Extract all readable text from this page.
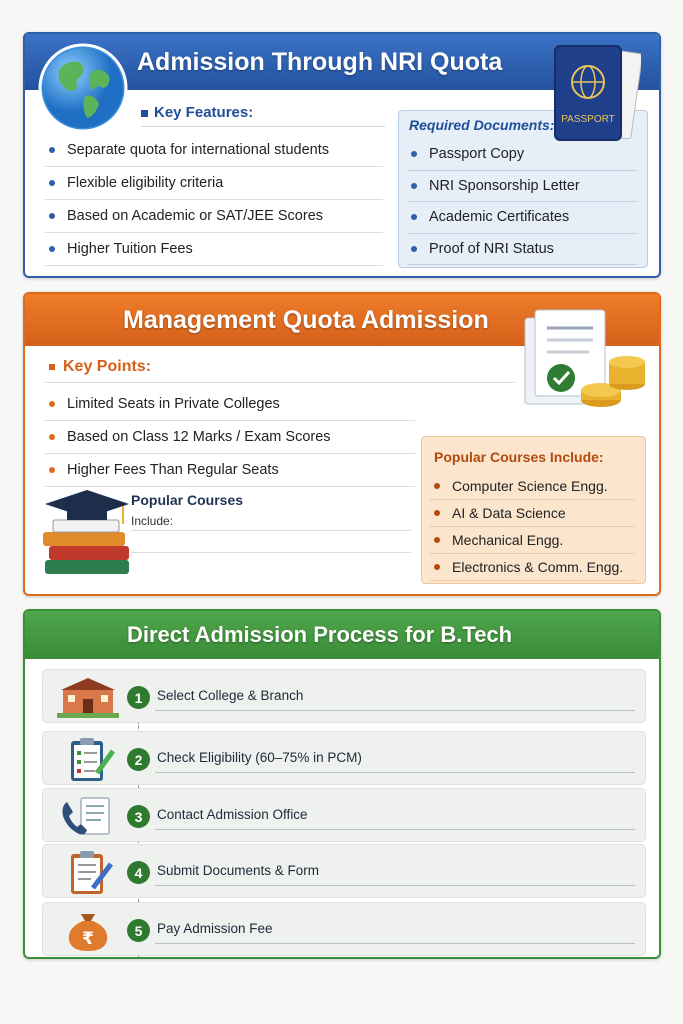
Admission Through NRI Quota
Key Features:
Separate quota for international students
Flexible eligibility criteria
Based on Academic or SAT/JEE Scores
Higher Tuition Fees
Required Documents:
Passport Copy
NRI Sponsorship Letter
Academic Certificates
Proof of NRI Status
PASSPORT
Management Quota Admission
Key Points:
Limited Seats in Private Colleges
Based on Class 12 Marks / Exam Scores
Higher Fees Than Regular Seats
Popular Courses
Include:
Popular Courses Include:
Computer Science Engg.
AI & Data Science
Mechanical Engg.
Electronics & Comm. Engg.
Direct Admission Process for B.Tech
1	Select College & Branch
2	Check Eligibility (60–75% in PCM)
3	Contact Admission Office
4	Submit Documents & Form
₹	5	Pay Admission Fee
